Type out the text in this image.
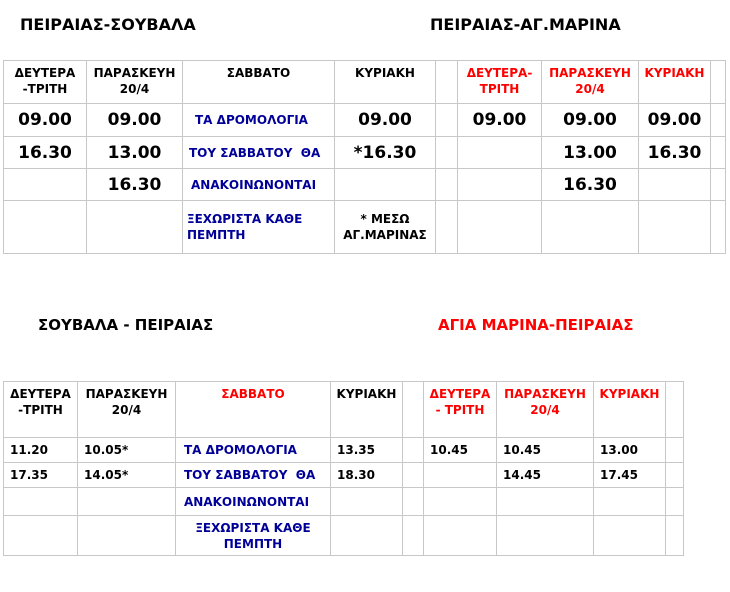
ΠΕΙΡΑΙΑΣ-ΣΟΥΒΑΛΑ	ΠΕΙΡΑΙΑΣ-ΑΓ.ΜΑΡΙΝΑ
ΣΟΥΒΑΛΑ - ΠΕΙΡΑΙΑΣ	ΑΓΙΑ ΜΑΡΙΝΑ-ΠΕΙΡΑΙΑΣ
ΔΕΥΤΕΡΑ -ΤΡΙΤΗ	ΠΑΡΑΣΚΕΥΗ 20/4	ΣΑΒΒΑΤΟ	ΚΥΡΙΑΚΗ		ΔΕΥΤΕΡΑ-ΤΡΙΤΗ	ΠΑΡΑΣΚΕΥΗ 20/4	ΚΥΡΙΑΚΗ	
09.00	09.00	ΤΑ ΔΡΟΜΟΛΟΓΙΑ	09.00		09.00	09.00	09.00	
16.30	13.00	ΤΟΥ ΣΑΒΒΑΤΟΥ  ΘΑ	*16.30			13.00	16.30	
	16.30	ΑΝΑΚΟΙΝΩΝΟΝΤΑΙ				16.30		
		ΞΕΧΩΡΙΣΤΑ ΚΑΘΕ ΠΕΜΠΤΗ	* ΜΕΣΩ ΑΓ.ΜΑΡΙΝΑΣ					
ΔΕΥΤΕΡΑ -ΤΡΙΤΗ	ΠΑΡΑΣΚΕΥΗ 20/4	ΣΑΒΒΑΤΟ	ΚΥΡΙΑΚΗ		ΔΕΥΤΕΡΑ - ΤΡΙΤΗ	ΠΑΡΑΣΚΕΥΗ 20/4	ΚΥΡΙΑΚΗ	
11.20	10.05*	ΤΑ ΔΡΟΜΟΛΟΓΙΑ	13.35		10.45	10.45	13.00	
17.35	14.05*	ΤΟΥ ΣΑΒΒΑΤΟΥ  ΘΑ	18.30			14.45	17.45	
		ΑΝΑΚΟΙΝΩΝΟΝΤΑΙ						
		ΞΕΧΩΡΙΣΤΑ ΚΑΘΕ    ΠΕΜΠΤΗ						
